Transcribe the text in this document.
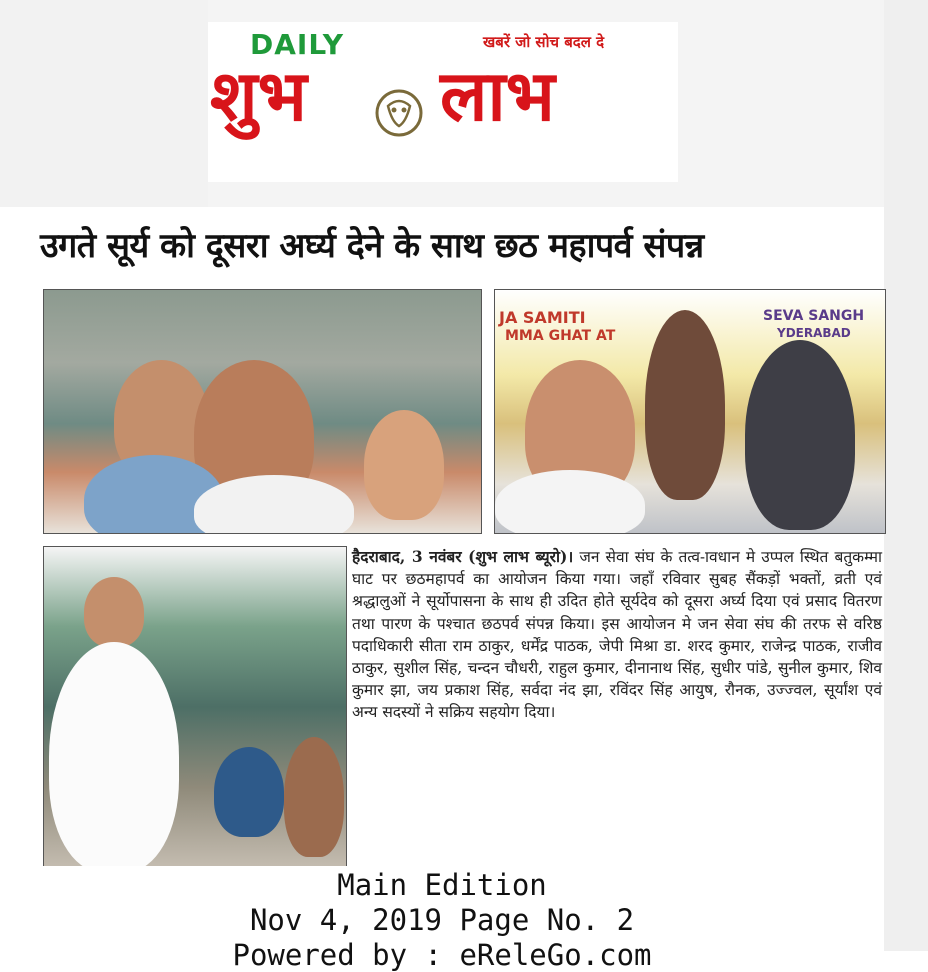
DAILY	खबरें जो सोच बदल दे
शुभ लाभ
उगते सूर्य को दूसरा अर्घ्य देने के साथ छठ महापर्व संपन्न
JA SAMITI
MMA GHAT AT
SEVA SANGH
YDERABAD
हैदराबाद, 3 नवंबर (शुभ लाभ ब्यूरो)। जन सेवा संघ के तत्व-ावधान मे उप्पल स्थित बतुकम्मा घाट पर छठमहापर्व का आयोजन किया गया। जहाँ रविवार सुबह सैंकड़ों भक्तों, व्रती एवं श्रद्धालुओं ने सूर्योपासना के साथ ही उदित होते सूर्यदेव को दूसरा अर्घ्य दिया एवं प्रसाद वितरण तथा पारण के पश्चात छठपर्व संपन्न किया। इस आयोजन मे जन सेवा संघ की तरफ से वरिष्ठ पदाधिकारी सीता राम ठाकुर, धर्मेंद्र पाठक, जेपी मिश्रा डा. शरद कुमार, राजेन्द्र पाठक, राजीव ठाकुर, सुशील सिंह, चन्दन चौधरी, राहुल कुमार, दीनानाथ सिंह, सुधीर पांडे, सुनील कुमार, शिव कुमार झा, जय प्रकाश सिंह, सर्वदा नंद झा, रविंदर सिंह आयुष, रौनक, उज्ज्वल, सूर्यांश एवं अन्य सदस्यों ने सक्रिय सहयोग दिया।
Main Edition
Nov 4, 2019 Page No. 2
Powered by : eReleGo.com
